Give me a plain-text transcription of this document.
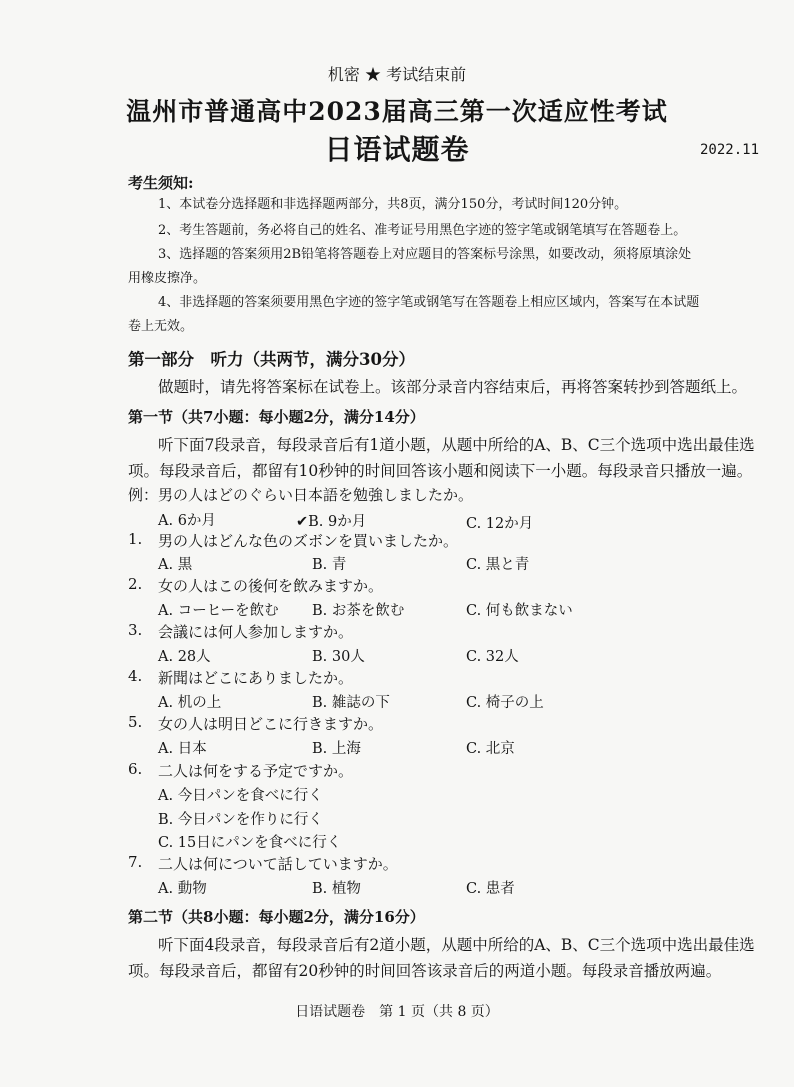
机密 ★ 考试结束前
温州市普通高中2023届高三第一次适应性考试
日语试题卷	2022.11
考生须知:
1、本试卷分选择题和非选择题两部分，共8页，满分150分，考试时间120分钟。
2、考生答题前，务必将自己的姓名、准考证号用黑色字迹的签字笔或钢笔填写在答题卷上。
3、选择题的答案须用2B铅笔将答题卷上对应题目的答案标号涂黑，如要改动，须将原填涂处
用橡皮擦净。
4、非选择题的答案须要用黑色字迹的签字笔或钢笔写在答题卷上相应区域内，答案写在本试题
卷上无效。
第一部分　听力（共两节，满分30分）
做题时，请先将答案标在试卷上。该部分录音内容结束后，再将答案转抄到答题纸上。
第一节（共7小题：每小题2分，满分14分）
听下面7段录音，每段录音后有1道小题，从题中所给的A、B、C三个选项中选出最佳选
项。每段录音后，都留有10秒钟的时间回答该小题和阅读下一小题。每段录音只播放一遍。
例：男の人はどのぐらい日本語を勉強しましたか。
A. 6か月	✔B. 9か月	C. 12か月
1. 男の人はどんな色のズボンを買いましたか。
A. 黒	B. 青	C. 黒と青
2. 女の人はこの後何を飲みますか。
A. コーヒーを飲む B. お茶を飲む	C. 何も飲まない
3. 会議には何人参加しますか。
A. 28人	B. 30人	C. 32人
4. 新聞はどこにありましたか。
A. 机の上	B. 雑誌の下	C. 椅子の上
5. 女の人は明日どこに行きますか。
A. 日本	B. 上海	C. 北京
6. 二人は何をする予定ですか。
A. 今日パンを食べに行く
B. 今日パンを作りに行く
C. 15日にパンを食べに行く
7. 二人は何について話していますか。
A. 動物	B. 植物	C. 患者
第二节（共8小题：每小题2分，满分16分）
听下面4段录音，每段录音后有2道小题，从题中所给的A、B、C三个选项中选出最佳选
项。每段录音后，都留有20秒钟的时间回答该录音后的两道小题。每段录音播放两遍。
日语试题卷　第 1 页（共 8 页）
